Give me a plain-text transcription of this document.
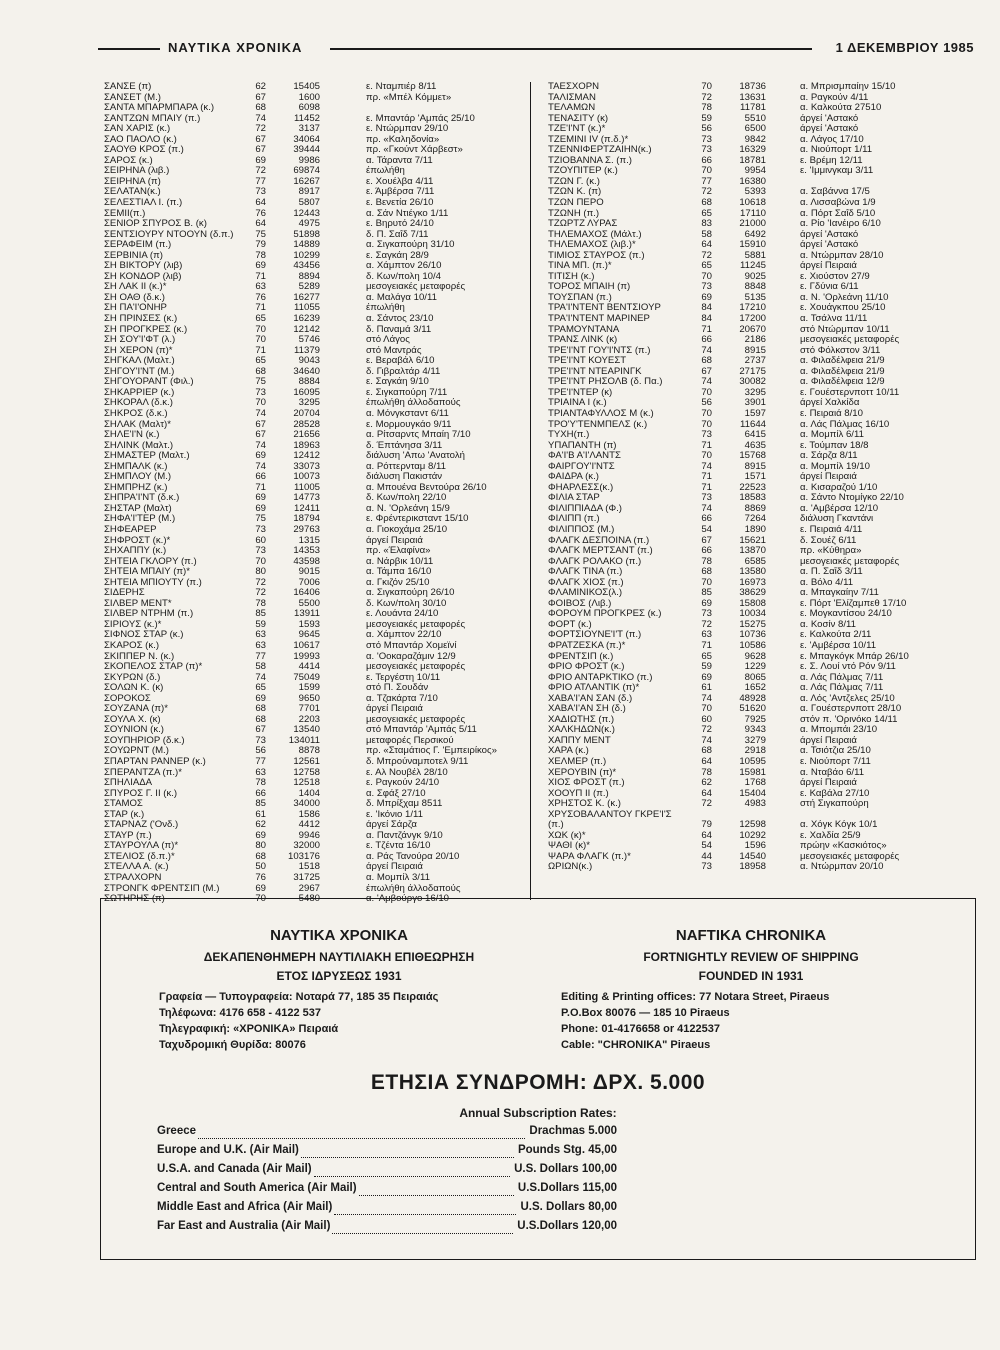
ΝΑΥΤΙΚΑ ΧΡΟΝΙΚΑ	1 ΔΕΚΕΜΒΡΙΟΥ 1985
ΣΑΝΣΕ (π)	62	15405	ε. Νταμπιέρ 8/11
ΣΑΝΣΕΤ (Μ.)	67	1600	πρ. «Μπέλ Κόμμετ»
ΣΑΝΤΑ ΜΠΑΡΜΠΑΡΑ (κ.)	68	6098
ΣΑΝΤΖΩΝ ΜΠΑΙΥ (π.)	74	11452	ε. Μπαντάρ 'Αμπάς 25/10
ΣΑΝ ΧΑΡΙΣ (κ.)	72	3137	ε. Ντώρμπαν 29/10
ΣΑΟ ΠΑΟΛΟ (κ.)	67	34064	πρ. «Καληδονία»
ΣΑΟΥΘ ΚΡΟΣ (π.)	67	39444	πρ. «Γκούντ Χάρβεστ»
ΣΑΡΟΣ (κ.)	69	9986	α. Τάραντα 7/11
ΣΕΙΡΗΝΑ (λιβ.)	72	69874	έπωλήθη
ΣΕΙΡΗΝΑ (π)	77	16267	ε. Χουέλβα 4/11
ΣΕΛΑΤΑΝ(κ.)	73	8917	ε. Άμβέρσα 7/11
ΣΕΛΕΣΤΙΑΛ Ι. (π.)	64	5807	ε. Βενετία 26/10
ΣΕΜΙΙ(π.)	76	12443	α. Σάν Ντιέγκο 1/11
ΣΕΝΙΟΡ ΣΠΥΡΟΣ Β. (κ)	64	4975	ε. Βηρυτό 24/10
ΣΕΝΤΣΙΟΥΡΥ ΝΤΟΟΥΝ (δ.π.)	75	51898	δ. Π. Σαΐδ 7/11
ΣΕΡΑΦΕΙΜ (π.)	79	14889	α. Σιγκαπούρη 31/10
ΣΕΡΒΙΝΙΑ (π)	78	10299	ε. Σαγκάη 28/9
ΣΗ ΒΙΚΤΟΡΥ (λιβ)	69	43456	α. Χάμπτον 26/10
ΣΗ ΚΟΝΔΟΡ (λιβ)	71	8894	δ. Κων/πολη 10/4
ΣΗ ΛΑΚ ΙΙ (κ.)*	63	5289	μεσογειακές μεταφορές
ΣΗ ΟΑΘ (δ.κ.)	76	16277	α. Μαλάγα 10/11
ΣΗ ΠΑ'Ι'ΟΝΗΡ	71	11055	έπωλήθη
ΣΗ ΠΡΙΝΣΕΣ (κ.)	65	16239	α. Σάντος 23/10
ΣΗ ΠΡΟΓΚΡΕΣ (κ.)	70	12142	δ. Παναμά 3/11
ΣΗ ΣΟΥ'Ι'ΦΤ (λ.)	70	5746	στό Λάγος
ΣΗ ΧΕΡΟΝ (π)*	71	11379	στό Μαντράς
ΣΗΓΚΑΛ (Μαλτ.)	65	9043	ε. Βεραβάλ 6/10
ΣΗΓΟΥ'Ι'ΝΤ (Μ.)	68	34640	δ. Γιβραλτάρ 4/11
ΣΗΓΟΥΟΡΑΝΤ (Φιλ.)	75	8884	ε. Σαγκάη 9/10
ΣΗΚΑΡΡΙΕΡ (κ.)	73	16095	ε. Σιγκαπούρη 7/11
ΣΗΚΟΡΑΛ (δ.κ.)	70	3295	έπωλήθη άλλοδαπούς
ΣΗΚΡΟΣ (δ.κ.)	74	20704	α. Μόνγκσταντ 6/11
ΣΗΛΑΚ (Μαλτ)*	67	28528	ε. Μορμουγκάο 9/11
ΣΗΛΕ'Ι'Ν (κ.)	67	21656	α. Ρίτσαρντς Μπαίη 7/10
ΣΗΛΙΝΚ (Μαλτ.)	74	18963	δ. Έπτάνησα 3/11
ΣΗΜΑΣΤΕΡ (Μαλτ.)	69	12412	διάλυση 'Απω 'Ανατολή
ΣΗΜΠΑΛΚ (κ.)	74	33073	α. Ρόττερνταμ 8/11
ΣΗΜΠΛΟΥ (Μ.)	66	10073	διάλυση Πακιστάν
ΣΗΜΠΡΗΖ (κ.)	71	11005	α. Μπουένα Βεντούρα 26/10
ΣΗΠΡΑ'Ι'ΝΤ (δ.κ.)	69	14773	δ. Κων/πολη 22/10
ΣΗΣΤΑΡ (Μαλτ)	69	12411	α. Ν. 'Ορλεάνη 15/9
ΣΗΦΑ'Ι'ΤΕΡ (Μ.)	75	18794	ε. Φρέντερικσταντ 15/10
ΣΗΦΕΑΡΕΡ	73	29763	α. Γιοκοχάμα 25/10
ΣΗΦΡΟΣΤ (κ.)*	60	1315	άργεί Πειραιά
ΣΗΧΑΠΠΥ (κ.)	73	14353	πρ. «Έλαφίνα»
ΣΗΤΕΙΑ ΓΚΛΟΡΥ (π.)	70	43598	α. Νάρβικ 10/11
ΣΗΤΕΙΑ ΜΠΑΙΥ (π)*	80	9015	α. Τάμπα 16/10
ΣΗΤΕΙΑ ΜΠΙΟΥΤΥ (π.)	72	7006	α. Γκιζόν 25/10
ΣΙΔΕΡΗΣ	72	16406	α. Σιγκαπούρη 26/10
ΣΙΛΒΕΡ ΜΕΝΤ*	78	5500	δ. Κων/πολη 30/10
ΣΙΛΒΕΡ ΝΤΡΗΜ (π.)	85	13911	ε. Λουάντα 24/10
ΣΙΡΙΟΥΣ (κ.)*	59	1593	μεσογειακές μεταφορές
ΣΙΦΝΟΣ ΣΤΑΡ (κ.)	63	9645	α. Χάμπτον 22/10
ΣΚΑΡΟΣ (κ.)	63	10617	στό Μπαντάρ Χομεϊνί
ΣΚΙΠΠΕΡ Ν. (κ.)	77	19993	α. 'Οοκαραζάμιν 12/9
ΣΚΟΠΕΛΟΣ ΣΤΑΡ (π)*	58	4414	μεσογειακές μεταφορές
ΣΚΥΡΩΝ (δ.)	74	75049	ε. Τεργέστη 10/11
ΣΟΛΩΝ Κ. (κ)	65	1599	στό Π. Σουδάν
ΣΟΡΟΚΟΣ	69	9650	α. Τζακάρτα 7/10
ΣΟΥΖΑΝΑ (π)*	68	7701	άργεί Πειραιά
ΣΟΥΛΑ Χ. (κ)	68	2203	μεσογειακές μεταφορές
ΣΟΥΝΙΟΝ (κ.)	67	13540	στό Μπαντάρ 'Αμπάς 5/11
ΣΟΥΠΗΡΙΟΡ (δ.κ.)	73	134011	μεταφορές Περσικού
ΣΟΥΩΡΝΤ (Μ.)	56	8878	πρ. «Σταμάτιος Γ. 'Εμπειρίκος»
ΣΠΑΡΤΑΝ ΡΑΝΝΕΡ (κ.)	77	12561	δ. Μπρούναμποτελ 9/11
ΣΠΕΡΑΝΤΖΑ (π.)*	63	12758	ε. Αλ Νουβέλ 28/10
ΣΠΗΛΙΑΔΑ	78	12518	ε. Ραγκούν 24/10
ΣΠΥΡΟΣ Γ. ΙΙ (κ.)	66	1404	α. Σφάξ 27/10
ΣΤΑΜΟΣ	85	34000	δ. Μπρίξχαμ 8511
ΣΤΑΡ (κ.)	61	1586	ε. 'Ικόνιο 1/11
ΣΤΑΡΝΑΖ ('Ονδ.)	62	4412	άργεί Σάρζα
ΣΤΑΥΡ (π.)	69	9946	α. Παντζάνγκ 9/10
ΣΤΑΥΡΟΥΛΑ (π)*	80	32000	ε. Τζέντα 16/10
ΣΤΕΛΙΟΣ (δ.π.)*	68	103176	α. Ράς Τανούρα 20/10
ΣΤΕΛΛΑ Α. (κ.)	50	1518	άργεί Πειραιά
ΣΤΡΑΛΧΟΡΝ	76	31725	α. Μομπίλ 3/11
ΣΤΡΟΝΓΚ ΦΡΕΝΤΣΙΠ (Μ.)	69	2967	έπωλήθη άλλοδαπούς
ΣΩΤΗΡΗΣ (π)	70	5480	α. 'Αμβούργο 16/10
ΤΑΕΣΧΟΡΝ	70	18736	α. Μπρισμπαίην 15/10
ΤΑΛΙΣΜΑΝ	72	13631	α. Ραγκούν 4/11
ΤΕΛΑΜΩΝ	78	11781	α. Καλκούτα 27510
ΤΕΝΑΣΙΤΥ (κ)	59	5510	άργεί 'Αστακό
ΤΖΕ'Ι'ΝΤ (κ.)*	56	6500	άργεί 'Αστακό
ΤΖΕΜΙΝΙ ΙV (π.δ.)*	73	9842	α. Λάγος 17/10
ΤΖΕΝΝΙΦΕΡΤΖΑΙΗΝ(κ.)	73	16329	α. Νιούπορτ 1/11
ΤΖΙΟΒΑΝΝΑ Σ. (π.)	66	18781	ε. Βρέμη 12/11
ΤΖΟΥΠΙΤΕΡ (κ.)	70	9954	ε. 'Ιμμινγκαμ 3/11
ΤΖΩΝ Γ. (κ.)	77	16380
ΤΖΩΝ Κ. (π)	72	5393	α. Σαβάννα 17/5
ΤΖΩΝ ΠΕΡΟ	68	10618	α. Λισσαβώνα 1/9
ΤΖΩΝΗ (π.)	65	17110	α. Πόρτ Σαΐδ 5/10
ΤΖΩΡΤΖ ΛΥΡΑΣ	83	21000	α. Ρίο 'Ιανέιρο 6/10
ΤΗΛΕΜΑΧΟΣ (Μάλτ.)	58	6492	άργεί 'Αστακό
ΤΗΛΕΜΑΧΟΣ (λιβ.)*	64	15910	άργεί 'Αστακό
ΤΙΜΙΟΣ ΣΤΑΥΡΟΣ (π.)	72	5881	α. Ντώρμπαν 28/10
ΤΙΝΑ ΜΠ. (π.)*	65	11245	άργεί Πειραιά
ΤΙΤΙΣΗ (κ.)	70	9025	ε. Χιούστον 27/9
ΤΟΡΟΣ ΜΠΑΙΗ (π)	73	8848	ε. Γδύνια 6/11
ΤΟΥΣΠΑΝ (π.)	69	5135	α. Ν. 'Ορλεάνη 11/10
ΤΡΑ'Ι'ΝΤΕΝΤ ΒΕΝΤΣΙΟΥΡ	84	17210	ε. Χουάγκπου 25/10
ΤΡΑ'Ι'ΝΤΕΝΤ ΜΑΡΙΝΕΡ	84	17200	α. Τσάλνα 11/11
ΤΡΑΜΟΥΝΤΑΝΑ	71	20670	στό Ντώρμπαν 10/11
ΤΡΑΝΣ ΛΙΝΚ (κ)	66	2186	μεσογειακές μεταφορές
ΤΡΕ'Ι'ΝΤ ΓΟΥ'Ι'ΝΤΣ (π.)	74	8915	στό Φόλκστον 3/11
ΤΡΕ'Ι'ΝΤ ΚΟΥΕΣΤ	68	2737	α. Φιλαδέλφεια 21/9
ΤΡΕ'Ι'ΝΤ ΝΤΕΑΡΙΝΓΚ	67	27175	α. Φιλαδέλφεια 21/9
ΤΡΕ'Ι'ΝΤ ΡΗΣΟΛΒ (δ. Πα.)	74	30082	α. Φιλαδέλφεια 12/9
ΤΡΕ'Ι'ΝΤΕΡ (κ)	70	3295	ε. Γουέστερνποττ 10/11
ΤΡΙΑΙΝΑ Ι (κ.)	56	3901	άργεί Χαλκίδα
ΤΡΙΑΝΤΑΦΥΛΛΟΣ Μ (κ.)	70	1597	ε. Πειραιά 8/10
ΤΡΟ'Υ'ΤΕΝΜΠΕΛΣ (κ.)	70	11644	α. Λάς Πάλμας 16/10
ΤΥΧΗ(π.)	73	6415	α. Μομπίλ 6/11
ΥΠΑΠΑΝΤΗ (π)	71	4635	ε. Τούμπαν 18/8
ΦΑ'Ι'Β Α'Ι'ΛΑΝΤΣ	70	15768	α. Σάρζα 8/11
ΦΑΙΡΓΟΥ'Ι'ΝΤΣ	74	8915	α. Μομπίλ 19/10
ΦΑΙΔΡΑ (κ.)	71	1571	άργεί Πειραιά
ΦΗΑΡΛΕΣΣ(κ.)	71	22523	α. Κισαραζού 1/10
ΦΙΛΙΑ ΣΤΑΡ	73	18583	α. Σάντο Ντομίγκο 22/10
ΦΙΛΙΠΠΙΑΔΑ (Φ.)	74	8869	α. 'Αμβέρσα 12/10
ΦΙΛΙΠΠ (π.)	66	7264	διάλυση Γκαντάνι
ΦΙΛΙΠΠΟΣ (Μ.)	54	1890	ε. Πειραιά 4/11
ΦΛΑΓΚ ΔΕΣΠΟΙΝΑ (π.)	67	15621	δ. Σουέζ 6/11
ΦΛΑΓΚ ΜΕΡΤΣΑΝΤ (π.)	66	13870	πρ. «Κύθηρα»
ΦΛΑΓΚ ΡΟΛΑΚΟ (π.)	78	6585	μεσογειακές μεταφορές
ΦΛΑΓΚ ΤΙΝΑ (π.)	68	13580	α. Π. Σαΐδ 3/11
ΦΛΑΓΚ ΧΙΟΣ (π.)	70	16973	α. Βόλο 4/11
ΦΛΑΜΙΝΙΚΟΣ(λ.)	85	38629	α. Μπαγκαίην 7/11
ΦΟΙΒΟΣ (Λιβ.)	69	15808	ε. Πόρτ 'Ελίζαμπεθ 17/10
ΦΟΡΟΥΜ ΠΡΟΓΚΡΕΣ (κ.)	73	10034	ε. Μογκαντίσου 24/10
ΦΟΡΤ (κ.)	72	15275	α. Κοσίν 8/11
ΦΟΡΤΣΙΟΥΝΕ'Ι'Τ (π.)	63	10736	ε. Καλκούτα 2/11
ΦΡΑΤΖΕΣΚΑ (π.)*	71	10586	ε. 'Αμβέρσα 10/11
ΦΡΕΝΤΣΙΠ (κ.)	65	9628	ε. Μπαγκόγκ Μπάρ 26/10
ΦΡΙΟ ΦΡΟΣΤ (κ.)	59	1229	ε. Σ. Λουί ντό Ρόν 9/11
ΦΡΙΟ ΑΝΤΑΡΚΤΙΚΟ (π.)	69	8065	α. Λάς Πάλμας 7/11
ΦΡΙΟ ΑΤΛΑΝΤΙΚ (π)*	61	1652	α. Λάς Πάλμας 7/11
ΧΑΒΑ'Ι'ΑΝ ΣΑΝ (δ.)	74	48928	α. Λός 'Αντζελες 25/10
ΧΑΒΑ'Ι'ΑΝ ΣΗ (δ.)	70	51620	α. Γουέστερνποττ 28/10
ΧΑΔΙΩΤΗΣ (π.)	60	7925	στόν π. 'Ορινόκο 14/11
ΧΑΛΚΗΔΩΝ(κ.)	72	9343	α. Μπομπάι 23/10
ΧΑΠΠΥ ΜΕΝΤ	74	3279	άργεί Πειραιά
ΧΑΡΑ (κ.)	68	2918	α. Τσιότζια 25/10
ΧΕΛΜΕΡ (π.)	64	10595	ε. Νιούπορτ 7/11
ΧΕΡΟΥΒΙΝ (π)*	78	15981	α. Νταβάο 6/11
ΧΙΟΣ ΦΡΟΣΤ (π.)	62	1768	άργεί Πειραιά
ΧΟΟΥΠ ΙΙ (π.)	64	15404	ε. Καβάλα 27/10
ΧΡΗΣΤΟΣ Κ. (κ.)	72	4983	στή Σιγκαπούρη
ΧΡΥΣΟΒΑΛΑΝΤΟΥ ΓΚΡΕ'Ι'Σ
(π.)	79	12598	α. Χόγκ Κόγκ 10/1
ΧΩΚ (κ)*	64	10292	ε. Χαλδία 25/9
ΨΑΘΙ (κ)*	54	1596	πρώην «Κασκιότος»
ΨΑΡΑ ΦΛΑΓΚ (π.)*	44	14540	μεσογειακές μεταφορές
ΩΡΙΩΝ(κ.)	73	18958	α. Ντώρμπαν 20/10
ΝΑΥΤΙΚΑ ΧΡΟΝΙΚΑ
ΔΕΚΑΠΕΝΘΗΜΕΡΗ ΝΑΥΤΙΛΙΑΚΗ ΕΠΙΘΕΩΡΗΣΗ
ΕΤΟΣ ΙΔΡΥΣΕΩΣ 1931
Γραφεία — Τυπογραφεία: Νοταρά 77, 185 35 Πειραιάς
Τηλέφωνα: 4176 658 - 4122 537
Τηλεγραφική: «ΧΡΟΝΙΚΑ» Πειραιά
Ταχυδρομική Θυρίδα: 80076
NAFTIKA CHRONIKA
FORTNIGHTLY REVIEW OF SHIPPING
FOUNDED IN 1931
Editing & Printing offices: 77 Notara Street, Piraeus
P.O.Box 80076 — 185 10 Piraeus
Phone: 01-4176658 or 4122537
Cable: "CHRONIKA" Piraeus
ΕΤΗΣΙΑ ΣΥΝΔΡΟΜΗ: ΔΡΧ. 5.000
Annual Subscription Rates:
Greece	Drachmas 5.000
Europe and U.K. (Air Mail)	Pounds Stg. 45,00
U.S.A. and Canada (Air Mail)	U.S. Dollars 100,00
Central and South America (Air Mail)	U.S.Dollars 115,00
Middle East and Africa (Air Mail)	U.S. Dollars 80,00
Far East and Australia (Air Mail)	U.S.Dollars 120,00
